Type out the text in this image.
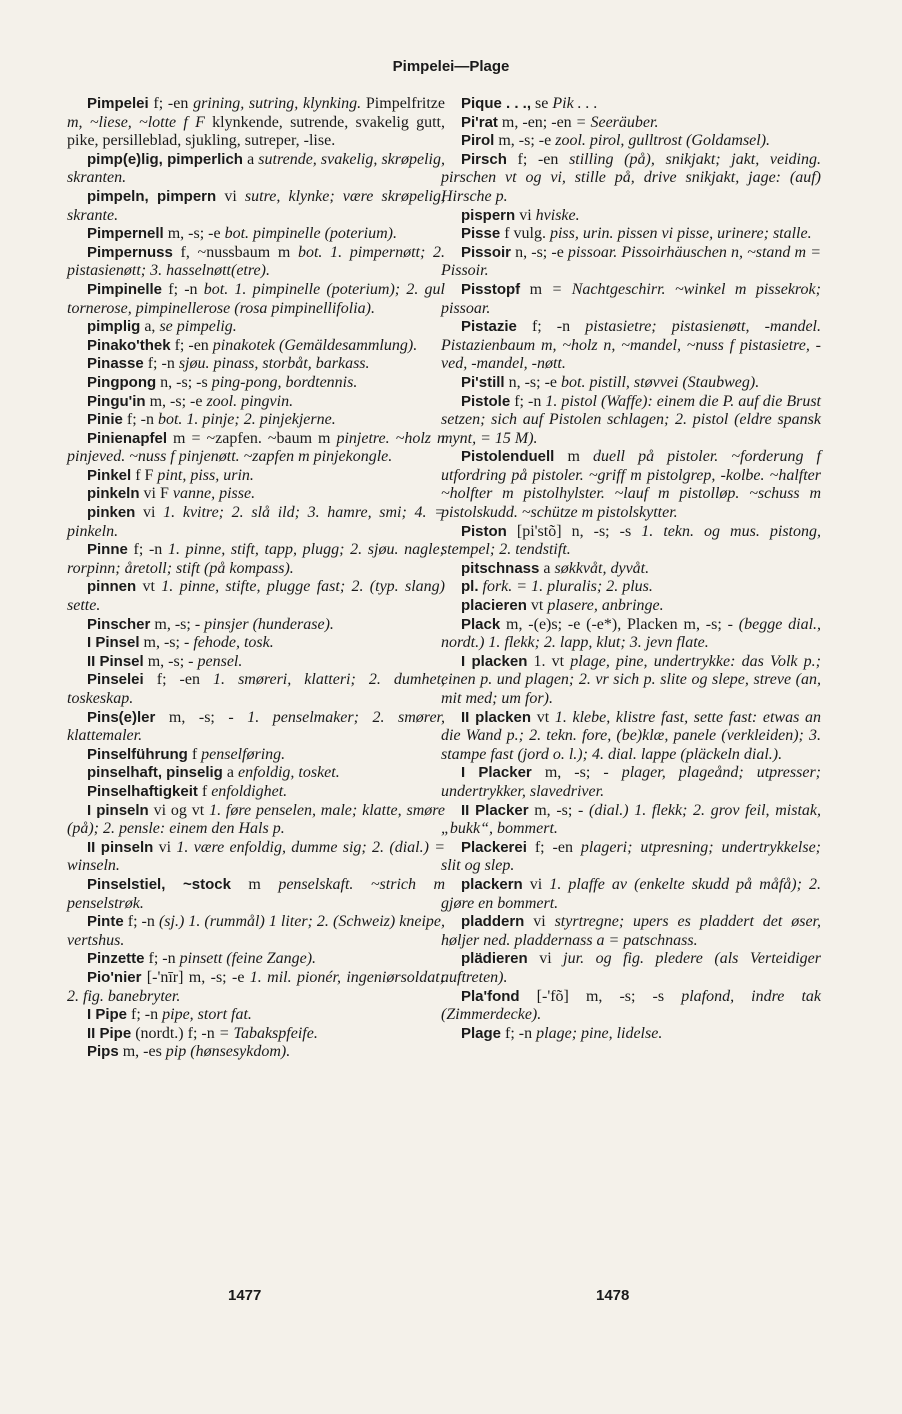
Pimpelei—Plage

Pimpelei f; -en grining, sutring, klynking. Pimpelfritze m, ~liese, ~lotte f F klynkende, sutrende, svakelig gutt, pike, persilleblad, sjukling, sutreper, -lise.

pimp(e)lig, pimperlich a sutrende, svakelig, skrøpelig, skranten.

pimpeln, pimpern vi sutre, klynke; være skrøpelig, skrante.

Pimpernell m, -s; -e bot. pimpinelle (poterium).

Pimpernuss f, ~nussbaum m bot. 1. pimpernøtt; 2. pistasienøtt; 3. hasselnøtt(etre).

Pimpinelle f; -n bot. 1. pimpinelle (poterium); 2. gul tornerose, pimpinellerose (rosa pimpinellifolia).

pimplig a, se pimpelig.

Pinako'thek f; -en pinakotek (Gemäldesammlung).

Pinasse f; -n sjøu. pinass, storbåt, barkass.

Pingpong n, -s; -s ping-pong, bordtennis.

Pingu'in m, -s; -e zool. pingvin.

Pinie f; -n bot. 1. pinje; 2. pinjekjerne.

Pinienapfel m = ~zapfen. ~baum m pinjetre. ~holz n pinjeved. ~nuss f pinjenøtt. ~zapfen m pinjekongle.

Pinkel f F pint, piss, urin.

pinkeln vi F vanne, pisse.

pinken vi 1. kvitre; 2. slå ild; 3. hamre, smi; 4. = pinkeln.

Pinne f; -n 1. pinne, stift, tapp, plugg; 2. sjøu. nagle; rorpinn; åretoll; stift (på kompass).

pinnen vt 1. pinne, stifte, plugge fast; 2. (typ. slang) sette.

Pinscher m, -s; - pinsjer (hunderase).

I Pinsel m, -s; - fehode, tosk.

II Pinsel m, -s; - pensel.

Pinselei f; -en 1. smøreri, klatteri; 2. dumhet, toskeskap.

Pins(e)ler m, -s; - 1. penselmaker; 2. smører, klattemaler.

Pinselführung f penselføring.

pinselhaft, pinselig a enfoldig, tosket.

Pinselhaftigkeit f enfoldighet.

I pinseln vi og vt 1. føre penselen, male; klatte, smøre (på); 2. pensle: einem den Hals p.

II pinseln vi 1. være enfoldig, dumme sig; 2. (dial.) = winseln.

Pinselstiel, ~stock m penselskaft. ~strich m penselstrøk.

Pinte f; -n (sj.) 1. (rummål) 1 liter; 2. (Schweiz) kneipe, vertshus.

Pinzette f; -n pinsett (feine Zange).

Pio'nier [-'nīr] m, -s; -e 1. mil. pionér, ingeniørsoldat; 2. fig. banebryter.

I Pipe f; -n pipe, stort fat.

II Pipe (nordt.) f; -n = Tabakspfeife.

Pips m, -es pip (hønsesykdom).

Pique . . ., se Pik . . .

Pi'rat m, -en; -en = Seeräuber.

Pirol m, -s; -e zool. pirol, gulltrost (Goldamsel).

Pirsch f; -en stilling (på), snikjakt; jakt, veiding. pirschen vt og vi, stille på, drive snikjakt, jage: (auf) Hirsche p.

pispern vi hviske.

Pisse f vulg. piss, urin. pissen vi pisse, urinere; stalle.

Pissoir n, -s; -e pissoar. Pissoirhäuschen n, ~stand m = Pissoir.

Pisstopf m = Nachtgeschirr. ~winkel m pissekrok; pissoar.

Pistazie f; -n pistasietre; pistasienøtt, -mandel. Pistazienbaum m, ~holz n, ~mandel, ~nuss f pistasietre, -ved, -mandel, -nøtt.

Pi'still n, -s; -e bot. pistill, støvvei (Staubweg).

Pistole f; -n 1. pistol (Waffe): einem die P. auf die Brust setzen; sich auf Pistolen schlagen; 2. pistol (eldre spansk mynt, = 15 M).

Pistolenduell m duell på pistoler. ~forderung f utfordring på pistoler. ~griff m pistolgrep, -kolbe. ~halfter ~holfter m pistolhylster. ~lauf m pistolløp. ~schuss m pistolskudd. ~schütze m pistolskytter.

Piston [pi'stõ] n, -s; -s 1. tekn. og mus. pistong, stempel; 2. tendstift.

pitschnass a søkkvåt, dyvåt.

pl. fork. = 1. pluralis; 2. plus.

placieren vt plasere, anbringe.

Plack m, -(e)s; -e (-e*), Placken m, -s; - (begge dial., nordt.) 1. flekk; 2. lapp, klut; 3. jevn flate.

I placken 1. vt plage, pine, undertrykke: das Volk p.; einen p. und plagen; 2. vr sich p. slite og slepe, streve (an, mit med; um for).

II placken vt 1. klebe, klistre fast, sette fast: etwas an die Wand p.; 2. tekn. fore, (be)klæ, panele (verkleiden); 3. stampe fast (jord o. l.); 4. dial. lappe (pläckeln dial.).

I Placker m, -s; - plager, plageånd; utpresser; undertrykker, slavedriver.

II Placker m, -s; - (dial.) 1. flekk; 2. grov feil, mistak, „bukk“, bommert.

Plackerei f; -en plageri; utpresning; undertrykkelse; slit og slep.

plackern vi 1. plaffe av (enkelte skudd på måfå); 2. gjøre en bommert.

pladdern vi styrtregne; upers es pladdert det øser, høljer ned. pladdernass a = patschnass.

plädieren vi jur. og fig. pledere (als Verteidiger auftreten).

Pla'fond [-'fõ] m, -s; -s plafond, indre tak (Zimmerdecke).

Plage f; -n plage; pine, lidelse.

1477	1478
